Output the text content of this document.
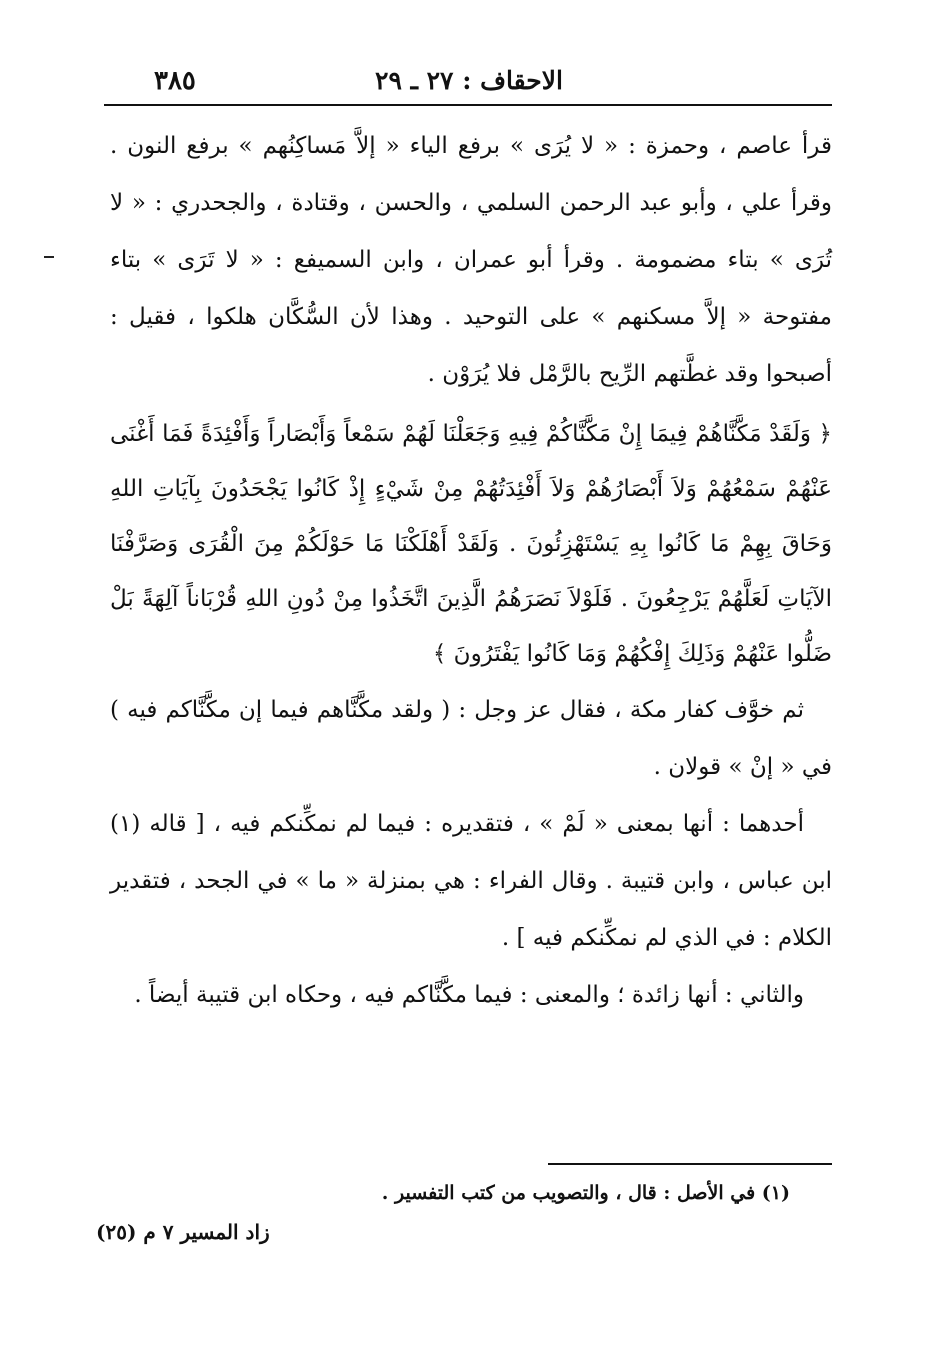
٣٨٥	الاحقاف : ٢٧ ـ ٢٩

قرأ عاصم ، وحمزة : « لا يُرَى » برفع الياء « إلاَّ مَساكِنُهم » برفع النون . وقرأ علي ، وأبو عبد الرحمن السلمي ، والحسن ، وقتادة ، والجحدري : « لا تُرَى » بتاء مضمومة . وقرأ أبو عمران ، وابن السميفع : « لا تَرَى » بتاء مفتوحة « إلاَّ مسكنهم » على التوحيد . وهذا لأن السُّكَّان هلكوا ، فقيل : أصبحوا وقد غطَّتهم الرِّيح بالرَّمْل فلا يُرَوْن .

﴿ وَلَقَدْ مَكَّنَّاهُمْ فِيمَا إِنْ مَكَّنَّاكُمْ فِيهِ وَجَعَلْنَا لَهُمْ سَمْعاً وَأَبْصَاراً وَأَفْئِدَةً فَمَا أَغْنَى عَنْهُمْ سَمْعُهُمْ وَلاَ أَبْصَارُهُمْ وَلاَ أَفْئِدَتُهُمْ مِنْ شَيْءٍ إِذْ كَانُوا يَجْحَدُونَ بِآيَاتِ اللهِ وَحَاقَ بِهِمْ مَا كَانُوا بِهِ يَسْتَهْزِئُونَ . وَلَقَدْ أَهْلَكْنَا مَا حَوْلَكُمْ مِنَ الْقُرَى وَصَرَّفْنَا الآيَاتِ لَعَلَّهُمْ يَرْجِعُونَ . فَلَوْلاَ نَصَرَهُمُ الَّذِينَ اتَّخَذُوا مِنْ دُونِ اللهِ قُرْبَاناً آلِهَةً بَلْ ضَلُّوا عَنْهُمْ وَذَلِكَ إِفْكُهُمْ وَمَا كَانُوا يَفْتَرُونَ ﴾

ثم خوَّف كفار مكة ، فقال عز وجل : ( ولقد مكَّنَّاهم فيما إن مكَّنَّاكم فيه ) في « إنْ » قولان .

أحدهما : أنها بمعنى « لَمْ » ، فتقديره : فيما لم نمكِّنكم فيه ، [ قاله (١) ابن عباس ، وابن قتيبة . وقال الفراء : هي بمنزلة « ما » في الجحد ، فتقدير الكلام : في الذي لم نمكِّنكم فيه ] .

والثاني : أنها زائدة ؛ والمعنى : فيما مكَّنَّاكم فيه ، وحكاه ابن قتيبة أيضاً .

(١) في الأصل : قال ، والتصويب من كتب التفسير .
زاد المسير ٧ م (٢٥)
